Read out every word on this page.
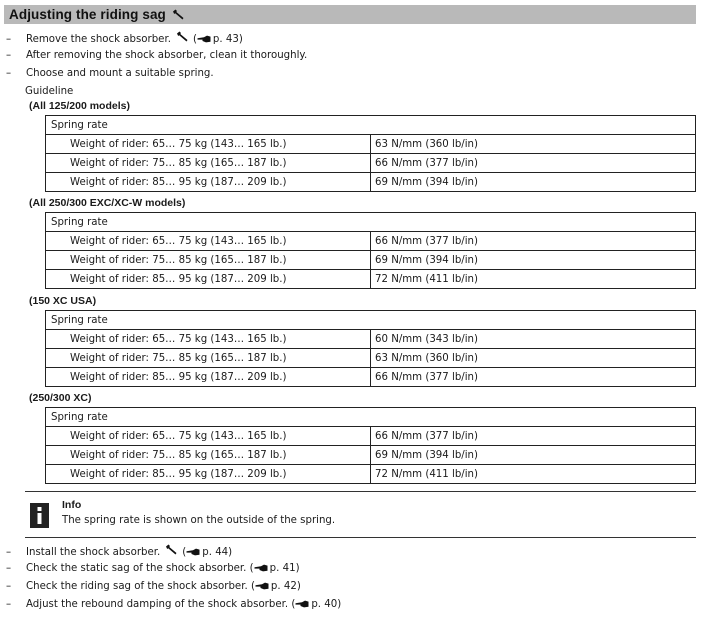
Adjusting the riding sag
– Remove the shock absorber. ( p. 43)
– After removing the shock absorber, clean it thoroughly.
– Choose and mount a suitable spring.
Guideline
(All 125/200 models)
Spring rate	
Weight of rider: 65… 75 kg (143… 165 lb.)	63 N/mm (360 lb/in)
Weight of rider: 75… 85 kg (165… 187 lb.)	66 N/mm (377 lb/in)
Weight of rider: 85… 95 kg (187… 209 lb.)	69 N/mm (394 lb/in)
(All 250/300 EXC/XC-W models)
Spring rate	
Weight of rider: 65… 75 kg (143… 165 lb.)	66 N/mm (377 lb/in)
Weight of rider: 75… 85 kg (165… 187 lb.)	69 N/mm (394 lb/in)
Weight of rider: 85… 95 kg (187… 209 lb.)	72 N/mm (411 lb/in)
(150 XC USA)
Spring rate	
Weight of rider: 65… 75 kg (143… 165 lb.)	60 N/mm (343 lb/in)
Weight of rider: 75… 85 kg (165… 187 lb.)	63 N/mm (360 lb/in)
Weight of rider: 85… 95 kg (187… 209 lb.)	66 N/mm (377 lb/in)
(250/300 XC)
Spring rate	
Weight of rider: 65… 75 kg (143… 165 lb.)	66 N/mm (377 lb/in)
Weight of rider: 75… 85 kg (165… 187 lb.)	69 N/mm (394 lb/in)
Weight of rider: 85… 95 kg (187… 209 lb.)	72 N/mm (411 lb/in)
Info
The spring rate is shown on the outside of the spring.
– Install the shock absorber. ( p. 44)
– Check the static sag of the shock absorber. ( p. 41)
– Check the riding sag of the shock absorber. ( p. 42)
– Adjust the rebound damping of the shock absorber. ( p. 40)
